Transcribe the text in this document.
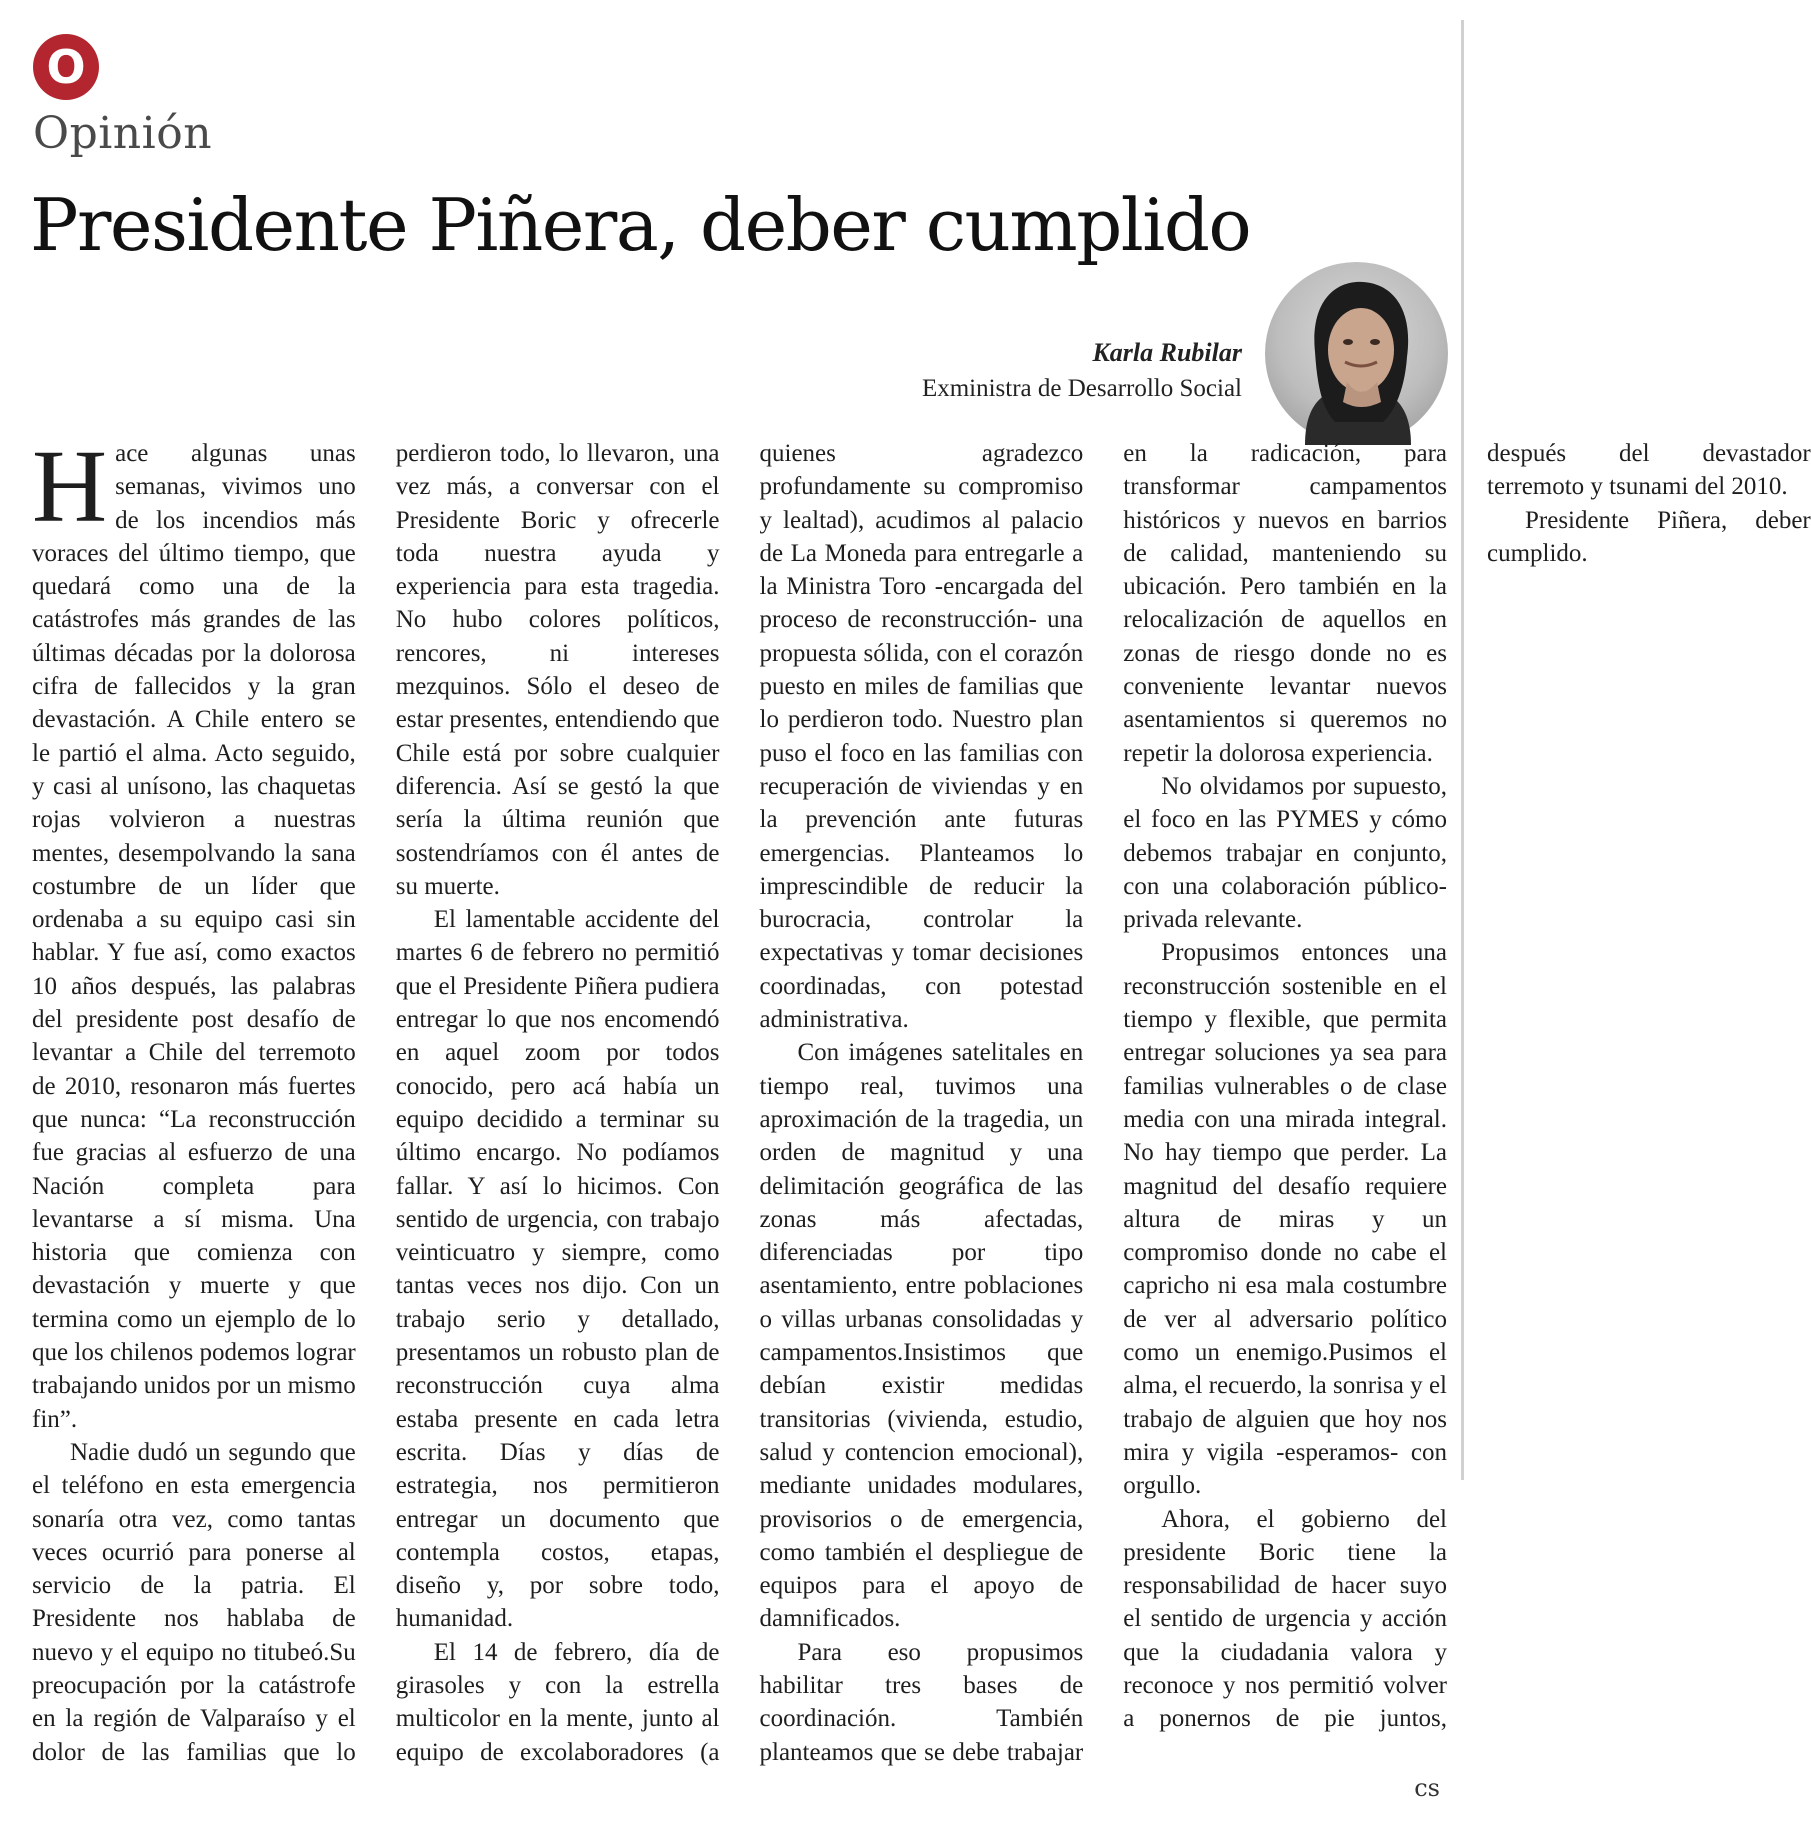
O
Opinión
Presidente Piñera, deber cumplido
Karla Rubilar
Exministra de Desarrollo Social

Hace algunas unas semanas, vivimos uno de los incendios más voraces del último tiempo, que quedará como una de la catástrofes más grandes de las últimas décadas por la dolorosa cifra de fallecidos y la gran devastación. A Chile entero se le partió el alma. Acto seguido, y casi al unísono, las chaquetas rojas volvieron a nuestras mentes, desempolvando la sana costumbre de un líder que ordenaba a su equipo casi sin hablar. Y fue así, como exactos 10 años después, las palabras del presidente post desafío de levantar a Chile del terremoto de 2010, resonaron más fuertes que nunca: “La reconstrucción fue gracias al esfuerzo de una Nación completa para levantarse a sí misma. Una historia que comienza con devastación y muerte y que termina como un ejemplo de lo que los chilenos podemos lograr trabajando unidos por un mismo fin”.

Nadie dudó un segundo que el teléfono en esta emergencia sonaría otra vez, como tantas veces ocurrió para ponerse al servicio de la patria. El Presidente nos hablaba de nuevo y el equipo no titubeó.Su preocupación por la catástrofe en la región de Valparaíso y el dolor de las familias que lo perdieron todo, lo llevaron, una vez más, a conversar con el Presidente Boric y ofrecerle toda nuestra ayuda y experiencia para esta tragedia. No hubo colores políticos, rencores, ni intereses mezquinos. Sólo el deseo de estar presentes, entendiendo que Chile está por sobre cualquier diferencia. Así se gestó la que sería la última reunión que sostendríamos con él antes de su muerte.

El lamentable accidente del martes 6 de febrero no permitió que el Presidente Piñera pudiera entregar lo que nos encomendó en aquel zoom por todos conocido, pero acá había un equipo decidido a terminar su último encargo. No podíamos fallar. Y así lo hicimos. Con sentido de urgencia, con trabajo veinticuatro y siempre, como tantas veces nos dijo. Con un trabajo serio y detallado, presentamos un robusto plan de reconstrucción cuya alma estaba presente en cada letra escrita. Días y días de estrategia, nos permitieron entregar un documento que contempla costos, etapas, diseño y, por sobre todo, humanidad.

El 14 de febrero, día de girasoles y con la estrella multicolor en la mente, junto al equipo de excolaboradores (a quienes agradezco profundamente su compromiso y lealtad), acudimos al palacio de La Moneda para entregarle a la Ministra Toro -encargada del proceso de reconstrucción- una propuesta sólida, con el corazón puesto en miles de familias que lo perdieron todo. Nuestro plan puso el foco en las familias con recuperación de viviendas y en la prevención ante futuras emergencias. Planteamos lo imprescindible de reducir la burocracia, controlar la expectativas y tomar decisiones coordinadas, con potestad administrativa.

Con imágenes satelitales en tiempo real, tuvimos una aproximación de la tragedia, un orden de magnitud y una delimitación geográfica de las zonas más afectadas, diferenciadas por tipo asentamiento, entre poblaciones o villas urbanas consolidadas y campamentos.Insistimos que debían existir medidas transitorias (vivienda, estudio, salud y contencion emocional), mediante unidades modulares, provisorios o de emergencia, como también el despliegue de equipos para el apoyo de damnificados.

Para eso propusimos habilitar tres bases de coordinación. También planteamos que se debe trabajar en la radicación, para transformar campamentos históricos y nuevos en barrios de calidad, manteniendo su ubicación. Pero también en la relocalización de aquellos en zonas de riesgo donde no es conveniente levantar nuevos asentamientos si queremos no repetir la dolorosa experiencia.

No olvidamos por supuesto, el foco en las PYMES y cómo debemos trabajar en conjunto, con una colaboración público-privada relevante.

Propusimos entonces una reconstrucción sostenible en el tiempo y flexible, que permita entregar soluciones ya sea para familias vulnerables o de clase media con una mirada integral. No hay tiempo que perder. La magnitud del desafío requiere altura de miras y un compromiso donde no cabe el capricho ni esa mala costumbre de ver al adversario político como un enemigo.Pusimos el alma, el recuerdo, la sonrisa y el trabajo de alguien que hoy nos mira y vigila -esperamos- con orgullo.

Ahora, el gobierno del presidente Boric tiene la responsabilidad de hacer suyo el sentido de urgencia y acción que la ciudadania valora y reconoce y nos permitió volver a ponernos de pie juntos, después del devastador terremoto y tsunami del 2010.

Presidente Piñera, deber cumplido.

cs
